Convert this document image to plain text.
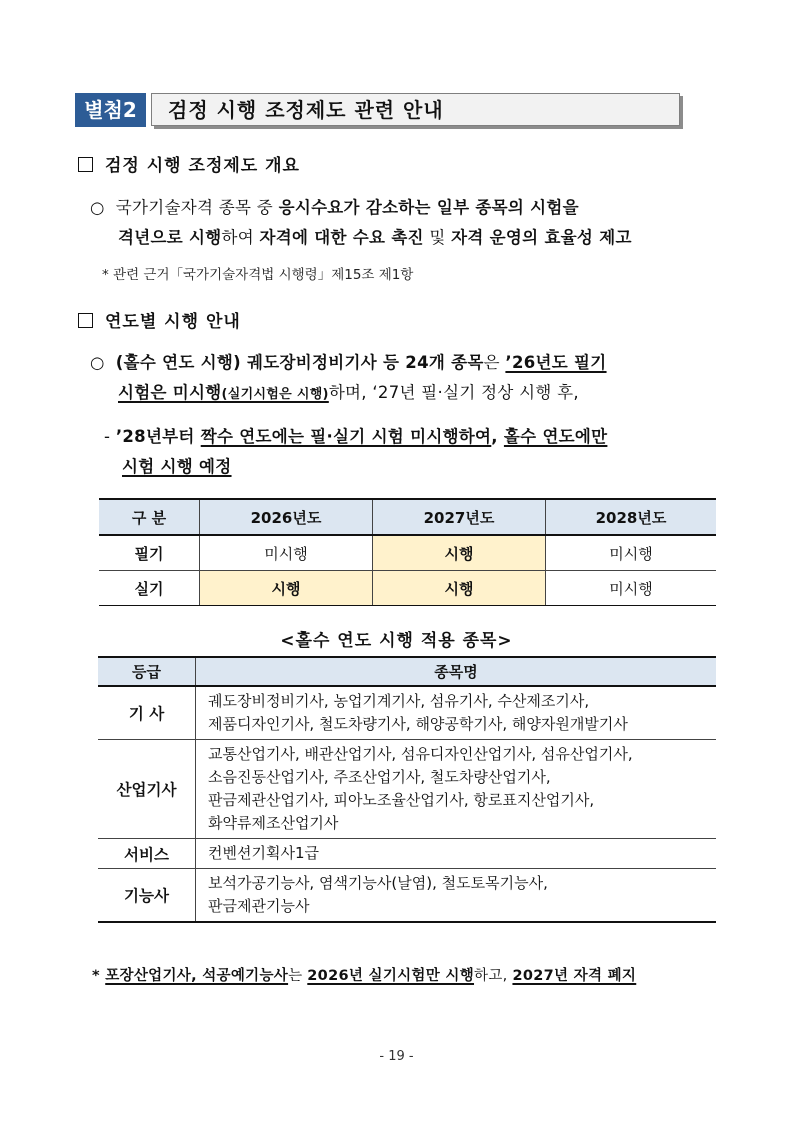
별첨2	검정 시행 조정제도 관련 안내
검정 시행 조정제도 개요
○ 국가기술자격 종목 중 응시수요가 감소하는 일부 종목의 시험을
격년으로 시행하여 자격에 대한 수요 촉진 및 자격 운영의 효율성 제고
* 관련 근거「국가기술자격법 시행령」제15조 제1항
연도별 시행 안내
○ (홀수 연도 시행) 궤도장비정비기사 등 24개 종목은 ’26년도 필기
시험은 미시행(실기시험은 시행)하며, ‘27년 필·실기 정상 시행 후,
- ’28년부터 짝수 연도에는 필·실기 시험 미시행하여, 홀수 연도에만
시험 시행 예정
구 분	2026년도	2027년도	2028년도
필기	미시행	시행	미시행
실기	시행	시행	미시행
<홀수 연도 시행 적용 종목>
등급	종목명
기 사	궤도장비정비기사, 농업기계기사, 섬유기사, 수산제조기사,
제품디자인기사, 철도차량기사, 해양공학기사, 해양자원개발기사

산업기사	교통산업기사, 배관산업기사, 섬유디자인산업기사, 섬유산업기사,
소음진동산업기사, 주조산업기사, 철도차량산업기사,
판금제관산업기사, 피아노조율산업기사, 항로표지산업기사,
화약류제조산업기사

서비스	컨벤션기획사1급

기능사	보석가공기능사, 염색기능사(날염), 철도토목기능사,
판금제관기능사
* 포장산업기사, 석공예기능사는 2026년 실기시험만 시행하고, 2027년 자격 폐지
- 19 -
